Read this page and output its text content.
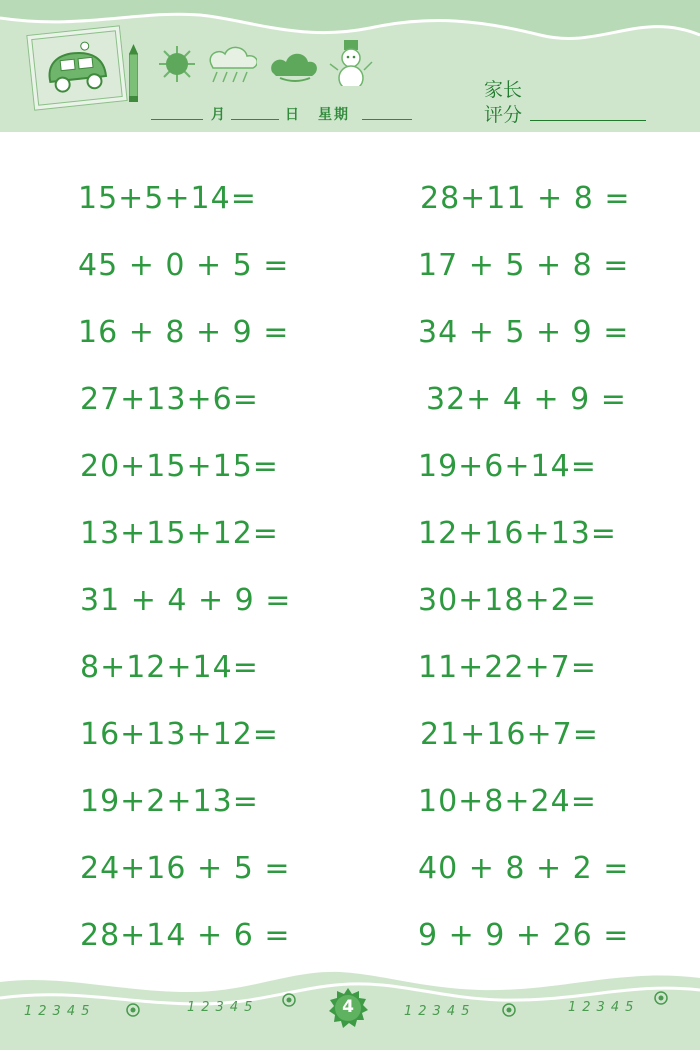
月	日 星期
家长
评分
15+5+14=
45 + 0 + 5 =
16 + 8 + 9 =
27+13+6=
20+15+15=
13+15+12=
31 + 4 + 9 =
8+12+14=
16+13+12=
19+2+13=
24+16 + 5 =
28+14 + 6 =
28+11 + 8 =
17 + 5 + 8 =
34 + 5 + 9 =
32+ 4 + 9 =
19+6+14=
12+16+13=
30+18+2=
11+22+7=
21+16+7=
10+8+24=
40 + 8 + 2 =
9 + 9 + 26 =
12345	12345	12345	12345
4
